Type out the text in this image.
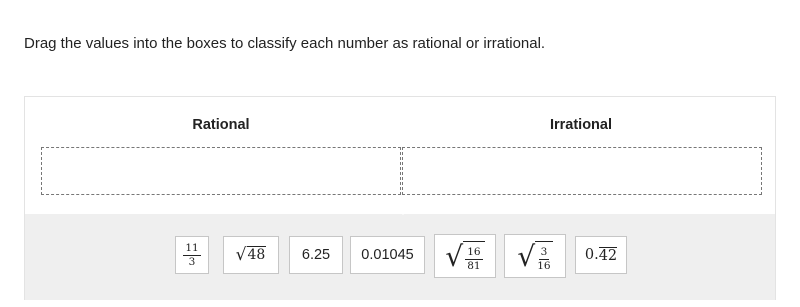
Drag the values into the boxes to classify each number as rational or irrational.
Rational	Irrational
$\frac{11}{3}$ √ 48	6.25 0.01045 √ $\frac{16}{81}$ √ $\frac{3}{16} 0$. 42
